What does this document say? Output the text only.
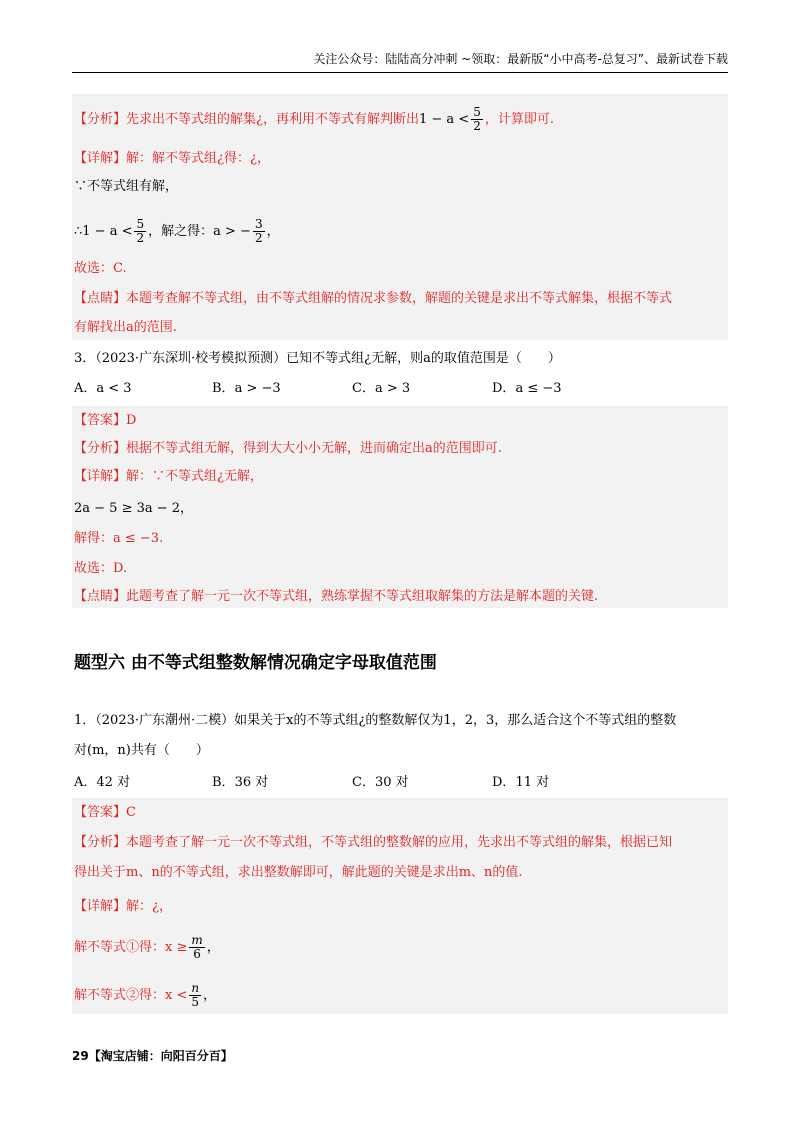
关注公众号：陆陆高分冲刺 ~领取：最新版“小中高考-总复习”、最新试卷下载
【分析】先求出不等式组的解集¿，再利用不等式有解判断出$1 - a < \frac{5}{2}$ ，计算即可.
【详解】解：解不等式组¿得：¿，
∵不等式组有解，
∴1 − $a < \frac{5}{2}$ ，解之得：a > − $\frac{3}{2}$ ，
故选：C.
【点睛】本题考查解不等式组，由不等式组解的情况求参数，解题的关键是求出不等式解集，根据不等式
有解找出a的范围.
3．（2023·广东深圳·校考模拟预测）已知不等式组¿无解，则a的取值范围是（　　）
A．a < 3	B．a > −3	C．a > 3	D．a ≤ −3
【答案】D
【分析】根据不等式组无解，得到大大小小无解，进而确定出a的范围即可.
【详解】解：∵不等式组¿无解，
2a − 5 ≥ 3a − 2，
解得：a ≤ −3.
故选：D.
【点睛】此题考查了解一元一次不等式组，熟练掌握不等式组取解集的方法是解本题的关键.
题型六 由不等式组整数解情况确定字母取值范围
1．（2023·广东潮州·二模）如果关于x的不等式组¿的整数解仅为1，2，3，那么适合这个不等式组的整数
对(m，n)共有（　　）
A．42 对	B．36 对	C．30 对	D．11 对
【答案】C
【分析】本题考查了解一元一次不等式组，不等式组的整数解的应用，先求出不等式组的解集，根据已知
得出关于m、n的不等式组，求出整数解即可，解此题的关键是求出m、n的值.
【详解】解：¿，
解不等式①得：$x \ge \frac{m}{6}$ ，
解不等式②得：$x < \frac{n}{5}$ ，
29【淘宝店铺：向阳百分百】
